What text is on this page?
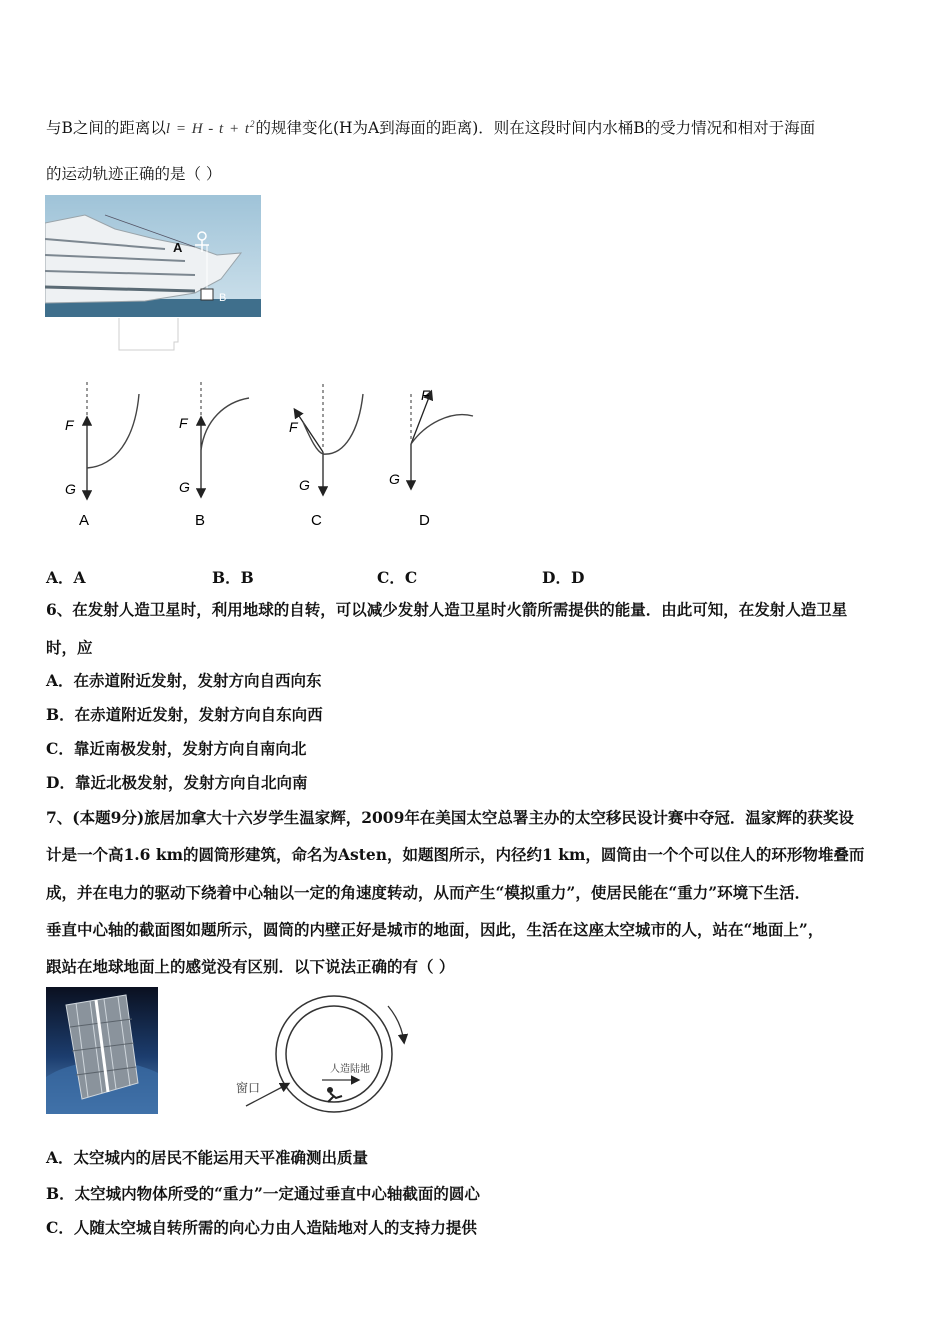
与B之间的距离以$l = H - t + t^2$的规律变化(H为A到海面的距离)．则在这段时间内水桶B的受力情况和相对于海面
的运动轨迹正确的是（ ）
A
B
F
G
A
F
G
B
F
G
C
F
G
D
A．A	B．B	C．C	D．D
6、在发射人造卫星时，利用地球的自转，可以减少发射人造卫星时火箭所需提供的能量．由此可知，在发射人造卫星
时，应
A．在赤道附近发射，发射方向自西向东
B．在赤道附近发射，发射方向自东向西
C．靠近南极发射，发射方向自南向北
D．靠近北极发射，发射方向自北向南
7、(本题9分)旅居加拿大十六岁学生温家辉，2009年在美国太空总署主办的太空移民设计赛中夺冠．温家辉的获奖设
计是一个高1.6 km的圆筒形建筑，命名为Asten，如题图所示，内径约1 km，圆筒由一个个可以住人的环形物堆叠而
成，并在电力的驱动下绕着中心轴以一定的角速度转动，从而产生“模拟重力”，使居民能在“重力”环境下生活．
垂直中心轴的截面图如题所示，圆筒的内壁正好是城市的地面，因此，生活在这座太空城市的人，站在“地面上”，
跟站在地球地面上的感觉没有区别．以下说法正确的有（ ）
窗口
人造陆地
A．太空城内的居民不能运用天平准确测出质量
B．太空城内物体所受的“重力”一定通过垂直中心轴截面的圆心
C．人随太空城自转所需的向心力由人造陆地对人的支持力提供
